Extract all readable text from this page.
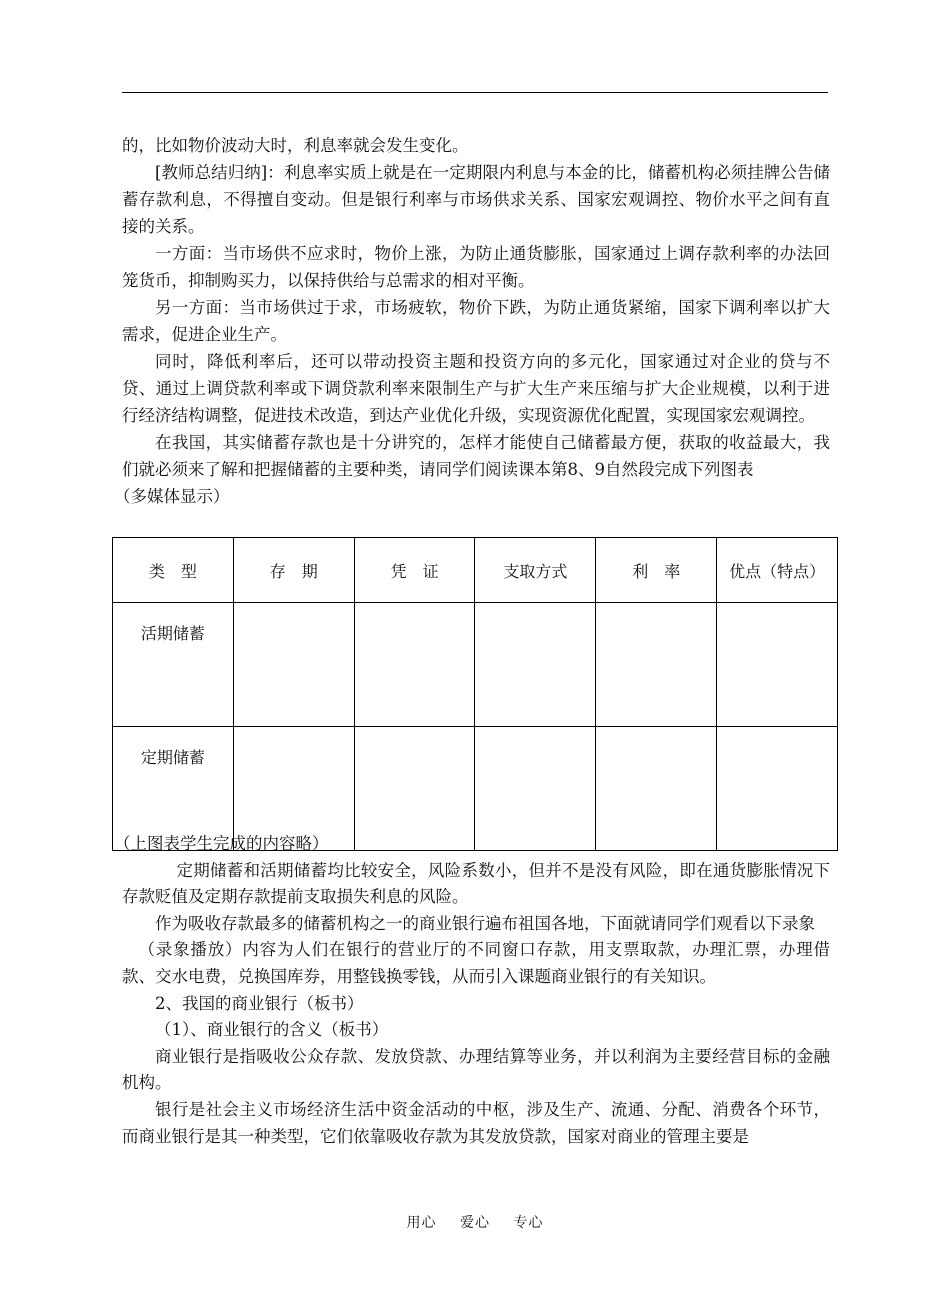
的，比如物价波动大时，利息率就会发生变化。

[教师总结归纳]：利息率实质上就是在一定期限内利息与本金的比，储蓄机构必须挂牌公告储蓄存款利息，不得擅自变动。但是银行利率与市场供求关系、国家宏观调控、物价水平之间有直接的关系。

一方面：当市场供不应求时，物价上涨，为防止通货膨胀，国家通过上调存款利率的办法回笼货币，抑制购买力，以保持供给与总需求的相对平衡。

另一方面：当市场供过于求，市场疲软，物价下跌，为防止通货紧缩，国家下调利率以扩大需求，促进企业生产。

同时，降低利率后，还可以带动投资主题和投资方向的多元化，国家通过对企业的贷与不贷、通过上调贷款利率或下调贷款利率来限制生产与扩大生产来压缩与扩大企业规模，以利于进行经济结构调整，促进技术改造，到达产业优化升级，实现资源优化配置，实现国家宏观调控。

在我国，其实储蓄存款也是十分讲究的，怎样才能使自己储蓄最方便，获取的收益最大，我们就必须来了解和把握储蓄的主要种类，请同学们阅读课本第8、9自然段完成下列图表

（多媒体显示）

类　型	存　期	凭　证	支取方式	利　率	优点（特点）
活期储蓄					
定期储蓄					

（上图表学生完成的内容略）

定期储蓄和活期储蓄均比较安全，风险系数小，但并不是没有风险，即在通货膨胀情况下存款贬值及定期存款提前支取损失利息的风险。

作为吸收存款最多的储蓄机构之一的商业银行遍布祖国各地，下面就请同学们观看以下录象

（录象播放）内容为人们在银行的营业厅的不同窗口存款，用支票取款，办理汇票，办理借款、交水电费，兑换国库券，用整钱换零钱，从而引入课题商业银行的有关知识。

2、我国的商业银行（板书）

（1）、商业银行的含义（板书）

商业银行是指吸收公众存款、发放贷款、办理结算等业务，并以利润为主要经营目标的金融机构。

银行是社会主义市场经济生活中资金活动的中枢，涉及生产、流通、分配、消费各个环节，而商业银行是其一种类型，它们依靠吸收存款为其发放贷款，国家对商业的管理主要是

用心 爱心 专心
